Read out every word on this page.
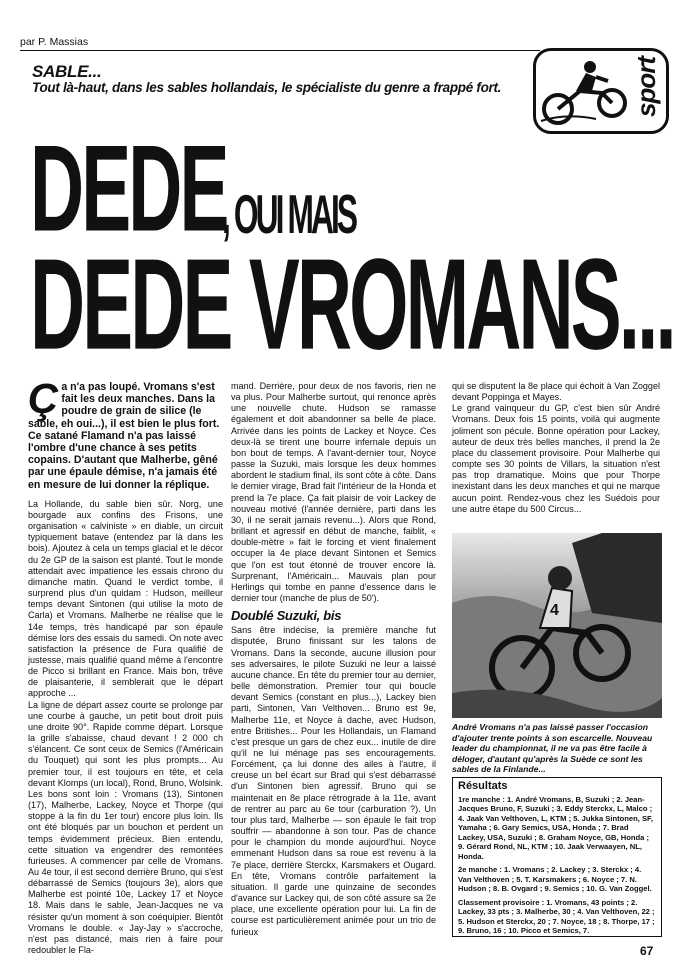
par P. Massias
SABLE...
Tout là-haut, dans les sables hollandais, le spécialiste du genre a frappé fort.	sport
DEDE
, OUI MAIS
DEDE VROMANS...
Ça n'a pas loupé. Vromans s'est fait les deux manches. Dans la poudre de grain de silice (le sable, eh oui...), il est bien le plus fort. Ce satané Flamand n'a pas laissé l'ombre d'une chance à ses petits copains. D'autant que Malherbe, gêné par une épaule démise, n'a jamais été en mesure de lui donner la réplique.

La Hollande, du sable bien sûr. Norg, une bourgade aux confins des Frisons, une organisation « calviniste » en diable, un circuit typiquement batave (entendez par là dans les bois). Ajoutez à cela un temps glacial et le décor du 2e GP de la saison est planté. Tout le monde attendait avec impatience les essais chrono du dimanche matin. Quand le verdict tombe, il surprend plus d'un quidam : Hudson, meilleur temps devant Sintonen (qui utilise la moto de Carla) et Vromans. Malherbe ne réalise que le 14e temps, très handicapé par son épaule démise lors des essais du samedi. On note avec satisfaction la présence de Fura qualifié de justesse, mais qualifié quand même à l'encontre de Picco si brillant en France. Mais bon, trêve de plaisanterie, il semblerait que le départ approche ...

La ligne de départ assez courte se prolonge par une courbe à gauche, un petit bout droit puis une droite 90°. Rapide comme départ. Lorsque la grille s'abaisse, chaud devant ! 2 000 ch s'élancent. Ce sont ceux de Semics (l'Américain du Touquet) qui sont les plus prompts... Au premier tour, il est toujours en tête, et cela devant Klomps (un local), Rond, Bruno, Wolsink. Les bons sont loin : Vromans (13), Sintonen (17), Malherbe, Lackey, Noyce et Thorpe (qui stoppe à la fin du 1er tour) encore plus loin. Ils ont été bloqués par un bouchon et perdent un temps évidemment précieux. Bien entendu, cette situation va engendrer des remontées furieuses. A commencer par celle de Vromans. Au 4e tour, il est second derrière Bruno, qui s'est débarrassé de Semics (toujours 3e), alors que Malherbe est pointé 10e, Lackey 17 et Noyce 18. Mais dans le sable, Jean-Jacques ne va résister qu'un moment à son coéquipier. Bientôt Vromans le double. « Jay-Jay » s'accroche, n'est pas distancé, mais rien à faire pour redoubler le Fla-

mand. Derrière, pour deux de nos favoris, rien ne va plus. Pour Malherbe surtout, qui renonce après une nouvelle chute. Hudson se ramasse également et doit abandonner sa belle 4e place. Arrivée dans les points de Lackey et Noyce. Ces deux-là se tirent une bourre infernale depuis un bon bout de temps. A l'avant-dernier tour, Noyce passe la Suzuki, mais lorsque les deux hommes abordent le stadium final, ils sont côte à côte. Dans le dernier virage, Brad fait l'intérieur de la Honda et prend la 7e place. Ça fait plaisir de voir Lackey de nouveau motivé (l'année dernière, parti dans les 30, il ne serait jamais revenu...). Alors que Rond, brillant et agressif en début de manche, faiblit, « double-mètre » fait le forcing et vient finalement occuper la 4e place devant Sintonen et Semics que l'on est tout étonné de trouver encore là. Surprenant, l'Américain... Mauvais plan pour Herlings qui tombe en panne d'essence dans le dernier tour (manche de plus de 50').

Doublé Suzuki, bis

Sans être indécise, la première manche fut disputée, Bruno finissant sur les talons de Vromans. Dans la seconde, aucune illusion pour ses adversaires, le pilote Suzuki ne leur a laissé aucune chance. En tête du premier tour au dernier, belle démonstration. Premier tour qui boucle devant Semics (constant en plus...), Lackey bien parti, Sintonen, Van Velthoven... Bruno est 9e, Malherbe 11e, et Noyce à dache, avec Hudson, entre Britishes... Pour les Hollandais, un Flamand c'est presque un gars de chez eux... inutile de dire qu'il ne lui ménage pas ses encouragements. Forcément, ça lui donne des ailes à l'autre, il creuse un bel écart sur Brad qui s'est débarrassé d'un Sintonen bien agressif. Bruno qui se maintenait en 8e place rétrograde à la 11e, avant de rentrer au parc au 6e tour (carburation ?). Un tour plus tard, Malherbe — son épaule le fait trop souffrir — abandonne à son tour. Pas de chance pour le champion du monde aujourd'hui. Noyce emmenant Hudson dans sa roue est revenu à la 7e place, derrière Sterckx, Karsmakers et Ougard. En tête, Vromans contrôle parfaitement la situation. Il garde une quinzaine de secondes d'avance sur Lackey qui, de son côté assure sa 2e place, une excellente opération pour lui. La fin de course est particulièrement animée pour un trio de furieux

qui se disputent la 8e place qui échoit à Van Zoggel devant Poppinga et Mayes.

Le grand vainqueur du GP, c'est bien sûr André Vromans. Deux fois 15 points, voilà qui augmente joliment son pécule. Bonne opération pour Lackey, auteur de deux très belles manches, il prend la 2e place du classement provisoire. Pour Malherbe qui compte ses 30 points de Villars, la situation n'est pas trop dramatique. Moins que pour Thorpe inexistant dans les deux manches et qui ne marque aucun point. Rendez-vous chez les Suédois pour une autre étape du 500 Circus...

4
André Vromans n'a pas laissé passer l'occasion d'ajouter trente points à son escarcelle. Nouveau leader du championnat, il ne va pas être facile à déloger, d'autant qu'après la Suède ce sont les sables de la Finlande...
Résultats

1re manche : 1. André Vromans, B, Suzuki ; 2. Jean-Jacques Bruno, F, Suzuki ; 3. Eddy Sterckx, L, Malco ; 4. Jaak Van Velthoven, L, KTM ; 5. Jukka Sintonen, SF, Yamaha ; 6. Gary Semics, USA, Honda ; 7. Brad Lackey, USA, Suzuki ; 8. Graham Noyce, GB, Honda ; 9. Gérard Rond, NL, KTM ; 10. Jaak Verwaayen, NL, Honda.

2e manche : 1. Vromans ; 2. Lackey ; 3. Sterckx ; 4. Van Velthoven ; 5. T. Karsmakers ; 6. Noyce ; 7. N. Hudson ; 8. B. Ovgard ; 9. Semics ; 10. G. Van Zoggel.

Classement provisoire : 1. Vromans, 43 points ; 2. Lackey, 33 pts ; 3. Malherbe, 30 ; 4. Van Velthoven, 22 ; 5. Hudson et Sterckx, 20 ; 7. Noyce, 18 ; 8. Thorpe, 17 ; 9. Bruno, 16 ; 10. Picco et Semics, 7.

67
